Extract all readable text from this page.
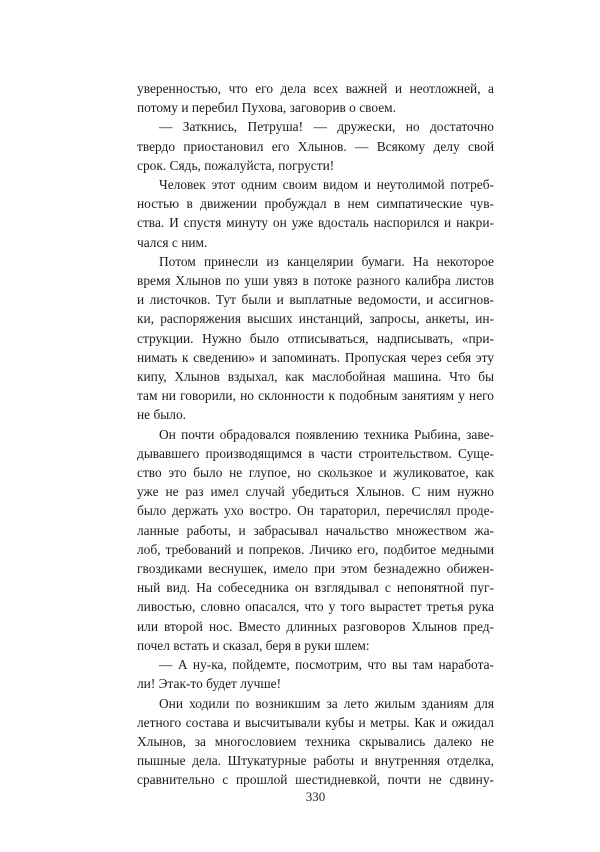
уверенностью, что его дела всех важней и неотложней, а
потому и перебил Пухова, заговорив о своем.
— Заткнись, Петруша! — дружески, но достаточно
твердо приостановил его Хлынов. — Всякому делу свой
срок. Сядь, пожалуйста, погрусти!
Человек этот одним своим видом и неутолимой потреб-
ностью в движении пробуждал в нем симпатические чув-
ства. И спустя минуту он уже вдосталь наспорился и накри-
чался с ним.
Потом принесли из канцелярии бумаги. На некоторое
время Хлынов по уши увяз в потоке разного калибра листов
и листочков. Тут были и выплатные ведомости, и ассигнов-
ки, распоряжения высших инстанций, запросы, анкеты, ин-
струкции. Нужно было отписываться, надписывать, «при-
нимать к сведению» и запоминать. Пропуская через себя эту
кипу, Хлынов вздыхал, как маслобойная машина. Что бы
там ни говорили, но склонности к подобным занятиям у него
не было.
Он почти обрадовался появлению техника Рыбина, заве-
дывавшего производящимся в части строительством. Суще-
ство это было не глупое, но скользкое и жуликоватое, как
уже не раз имел случай убедиться Хлынов. С ним нужно
было держать ухо востро. Он тараторил, перечислял проде-
ланные работы, и забрасывал начальство множеством жа-
лоб, требований и попреков. Личико его, подбитое медными
гвоздиками веснушек, имело при этом безнадежно обижен-
ный вид. На собеседника он взглядывал с непонятной пуг-
ливостью, словно опасался, что у того вырастет третья рука
или второй нос. Вместо длинных разговоров Хлынов пред-
почел встать и сказал, беря в руки шлем:
— А ну-ка, пойдемте, посмотрим, что вы там наработа-
ли! Этак-то будет лучше!
Они ходили по возникшим за лето жилым зданиям для
летного состава и высчитывали кубы и метры. Как и ожидал
Хлынов, за многословием техника скрывались далеко не
пышные дела. Штукатурные работы и внутренняя отделка,
сравнительно с прошлой шестидневкой, почти не сдвину-
330
